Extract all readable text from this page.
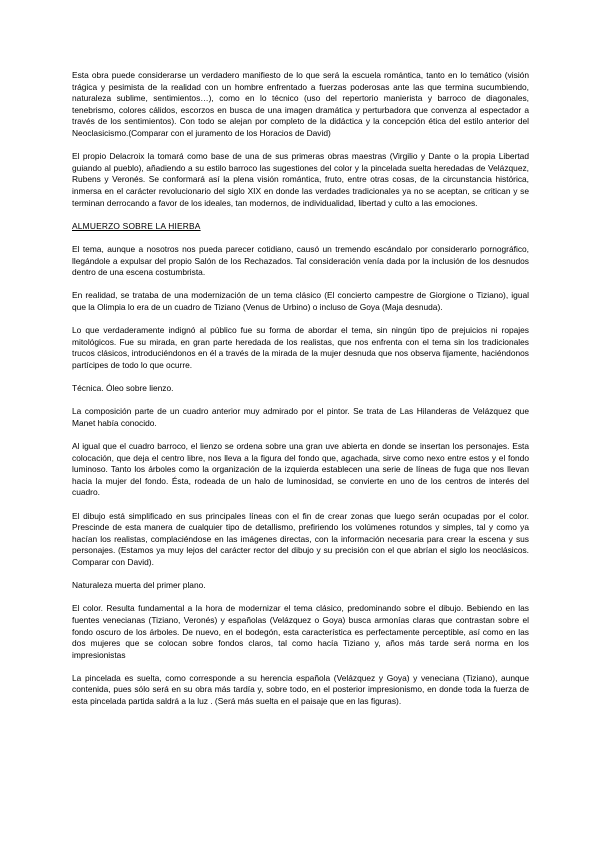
Esta obra puede considerarse un verdadero manifiesto de lo que será la escuela romántica, tanto en lo temático (visión trágica y pesimista de la realidad con un hombre enfrentado a fuerzas poderosas ante las que termina sucumbiendo, naturaleza sublime, sentimientos…), como en lo técnico (uso del repertorio manierista y barroco de diagonales, tenebrismo, colores cálidos, escorzos en busca de una imagen dramática y perturbadora que convenza al espectador a través de los sentimientos). Con todo se alejan por completo de la didáctica y la concepción ética del estilo anterior del Neoclasicismo.(Comparar con el juramento de los Horacios de David)

El propio Delacroix la tomará como base de una de sus primeras obras maestras (Virgilio y Dante o la propia Libertad guiando al pueblo), añadiendo a su estilo barroco las sugestiones del color y la pincelada suelta heredadas de Velázquez, Rubens y Veronés. Se conformará así la plena visión romántica, fruto, entre otras cosas, de la circunstancia histórica, inmersa en el carácter revolucionario del siglo XIX en donde las verdades tradicionales ya no se aceptan, se critican y se terminan derrocando a favor de los ideales, tan modernos, de individualidad, libertad y culto a las emociones.

ALMUERZO SOBRE LA HIERBA

El tema, aunque a nosotros nos pueda parecer cotidiano, causó un tremendo escándalo por considerarlo pornográfico, llegándole a expulsar del propio Salón de los Rechazados. Tal consideración venía dada por la inclusión de los desnudos dentro de una escena costumbrista.

En realidad, se trataba de una modernización de un tema clásico (El concierto campestre de Giorgione o Tiziano), igual que la Olimpia lo era de un cuadro de Tiziano (Venus de Urbino) o incluso de Goya (Maja desnuda).

Lo que verdaderamente indignó al público fue su forma de abordar el tema, sin ningún tipo de prejuicios ni ropajes mitológicos. Fue su mirada, en gran parte heredada de los realistas, que nos enfrenta con el tema sin los tradicionales trucos clásicos, introduciéndonos en él a través de la mirada de la mujer desnuda que nos observa fijamente, haciéndonos partícipes de todo lo que ocurre.

Técnica. Óleo sobre lienzo.

La composición parte de un cuadro anterior muy admirado por el pintor. Se trata de Las Hilanderas de Velázquez que Manet había conocido.

Al igual que el cuadro barroco, el lienzo se ordena sobre una gran uve abierta en donde se insertan los personajes. Esta colocación, que deja el centro libre, nos lleva a la figura del fondo que, agachada, sirve como nexo entre estos y el fondo luminoso. Tanto los árboles como la organización de la izquierda establecen una serie de líneas de fuga que nos llevan hacia la mujer del fondo. Ésta, rodeada de un halo de luminosidad, se convierte en uno de los centros de interés del cuadro.

El dibujo está simplificado en sus principales líneas con el fin de crear zonas que luego serán ocupadas por el color. Prescinde de esta manera de cualquier tipo de detallismo, prefiriendo los volúmenes rotundos y simples, tal y como ya hacían los realistas, complaciéndose en las imágenes directas, con la información necesaria para crear la escena y sus personajes. (Estamos ya muy lejos del carácter rector del dibujo y su precisión con el que abrían el siglo los neoclásicos. Comparar con David).

Naturaleza muerta del primer plano.

El color. Resulta fundamental a la hora de modernizar el tema clásico, predominando sobre el dibujo. Bebiendo en las fuentes venecianas (Tiziano, Veronés) y españolas (Velázquez o Goya) busca armonías claras que contrastan sobre el fondo oscuro de los árboles. De nuevo, en el bodegón, esta característica es perfectamente perceptible, así como en las dos mujeres que se colocan sobre fondos claros, tal como hacía Tiziano y, años más tarde será norma en los impresionistas

La pincelada es suelta, como corresponde a su herencia española (Velázquez y Goya) y veneciana (Tiziano), aunque contenida, pues sólo será en su obra más tardía y, sobre todo, en el posterior impresionismo, en donde toda la fuerza de esta pincelada partida saldrá a la luz . (Será más suelta en el paisaje que en las figuras).
